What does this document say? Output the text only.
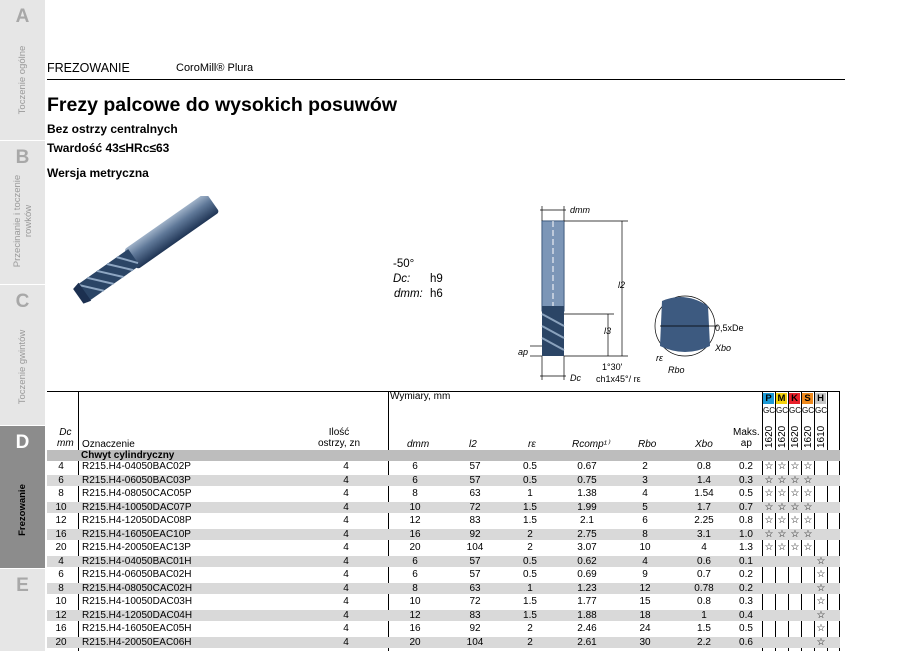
A
Toczenie ogólne
B
Przecinanie i toczenie rowków
C
Toczenie gwintów
D
Frezowanie
E
FREZOWANIE	CoroMill® Plura
Frezy palcowe do wysokich posuwów
Bez ostrzy centralnych
Twardość 43≤HRc≤63
Wersja metryczna
-50°
Dc: h9
dmm: h6
dmm
l2
l3
ap
Dc
1°30'
ch1x45°/ rε
0,5xDe
Xbo
rε
Rbo
Wymiary, mm
Dc
mm Oznaczenie
Ilość
ostrzy, zn	dmm	l2	rε	Rcomp¹⁾	Rbo	Xbo
Maks.
ap
P
GC
1620
M
GC
1620
K
GC
1620
S
GC
1620
H
GC
1610
Chwyt cylindryczny
4	R215.H4-04050BAC02P	4	6	57	0.5	0.67	2	0.8	0.2	☆ ☆ ☆ ☆
6	R215.H4-06050BAC03P	4	6	57	0.5	0.75	3	1.4	0.3	☆ ☆ ☆ ☆
8	R215.H4-08050CAC05P	4	8	63	1	1.38	4	1.54	0.5	☆ ☆ ☆ ☆
10	R215.H4-10050DAC07P	4	10	72	1.5	1.99	5	1.7	0.7	☆ ☆ ☆ ☆
12	R215.H4-12050DAC08P	4	12	83	1.5	2.1	6	2.25	0.8	☆ ☆ ☆ ☆
16	R215.H4-16050EAC10P	4	16	92	2	2.75	8	3.1	1.0	☆ ☆ ☆ ☆
20	R215.H4-20050EAC13P	4	20	104	2	3.07	10	4	1.3	☆ ☆ ☆ ☆
4	R215.H4-04050BAC01H	4	6	57	0.5	0.62	4	0.6	0.1	☆
6	R215.H4-06050BAC02H	4	6	57	0.5	0.69	9	0.7	0.2	☆
8	R215.H4-08050CAC02H	4	8	63	1	1.23	12	0.78	0.2	☆
10	R215.H4-10050DAC03H	4	10	72	1.5	1.77	15	0.8	0.3	☆
12	R215.H4-12050DAC04H	4	12	83	1.5	1.88	18	1	0.4	☆
16	R215.H4-16050EAC05H	4	16	92	2	2.46	24	1.5	0.5	☆
20	R215.H4-20050EAC06H	4	20	104	2	2.61	30	2.2	0.6	☆
